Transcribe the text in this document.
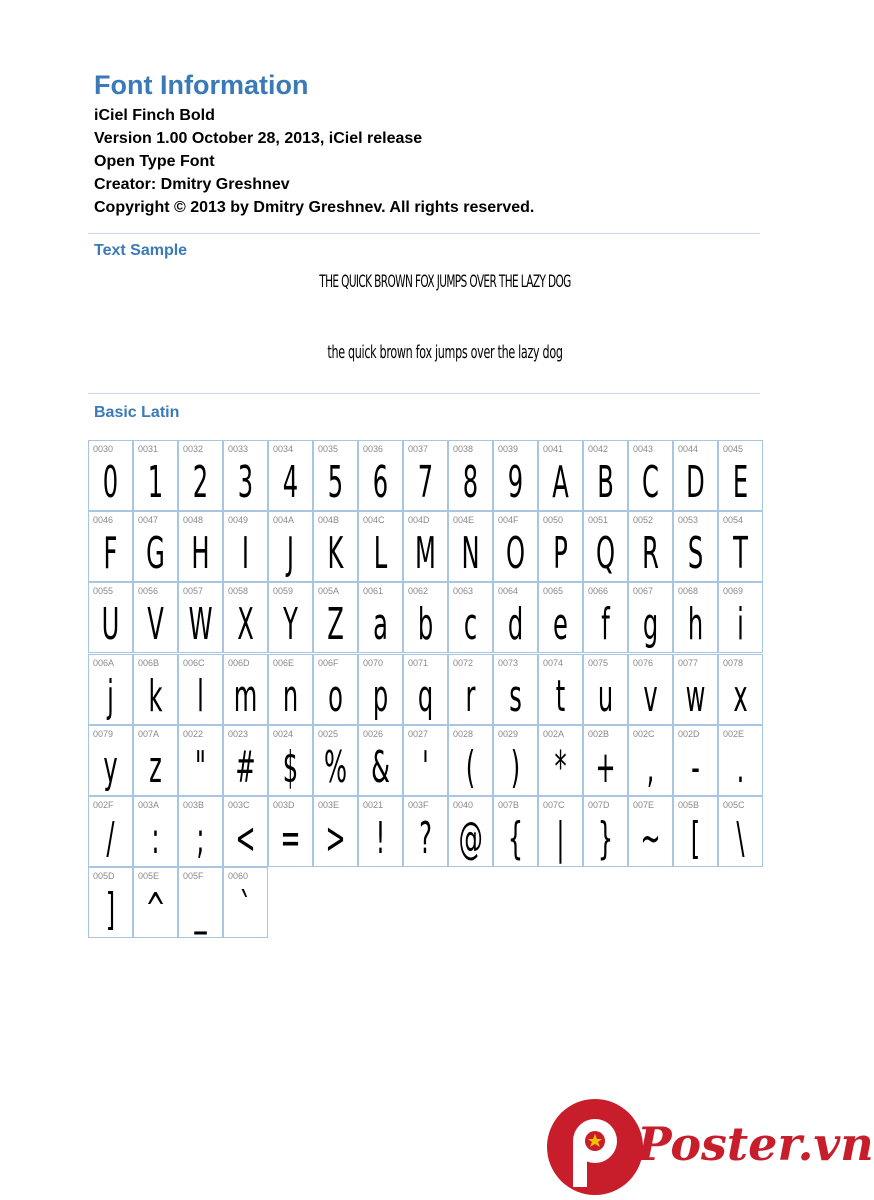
Font Information
iCiel Finch Bold
Version 1.00 October 28, 2013, iCiel release
Open Type Font
Creator: Dmitry Greshnev
Copyright © 2013 by Dmitry Greshnev. All rights reserved.
Text Sample
THE QUICK BROWN FOX JUMPS OVER THE LAZY DOG
the quick brown fox jumps over the lazy dog
Basic Latin
0030
0
0031
1
0032
2
0033
3
0034
4
0035
5
0036
6
0037
7
0038
8
0039
9
0041
A
0042
B
0043
C
0044
D
0045
E
0046
F
0047
G
0048
H
0049
I
004A
J
004B
K
004C
L
004D
M
004E
N
004F
O
0050
P
0051
Q
0052
R
0053
S
0054
T
0055
U
0056
V
0057
W
0058
X
0059
Y
005A
Z
0061
a
0062
b
0063
c
0064
d
0065
e
0066
f
0067
g
0068
h
0069
i
006A
j
006B
k
006C
l
006D
m
006E
n
006F
o
0070
p
0071
q
0072
r
0073
s
0074
t
0075
u
0076
v
0077
w
0078
x
0079
y
007A
z
0022
"
0023
#
0024
$
0025
%
0026
&
0027
'
0028
(
0029
)
002A
*
002B
+
002C
,
002D
-
002E
.
002F
/
003A
:
003B
;
003C
<
003D
=
003E
>
0021
!
003F
?
0040
@
007B
{
007C
|
007D
}
007E
~
005B
[
005C
\
005D
]
005E
^
005F
_
0060
`
Poster.vn
